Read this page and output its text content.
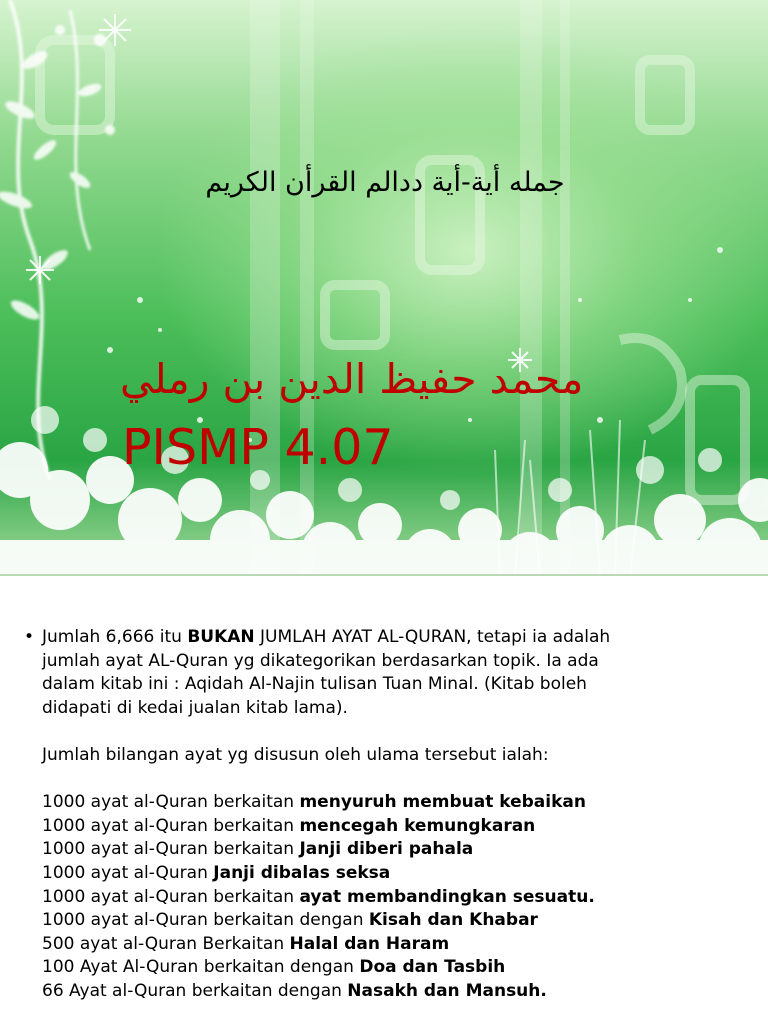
جمله أية-أية ددالم القرأن الكريم
محمد حفيظ الدين بن رملي
PISMP 4.07
• Jumlah 6,666 itu BUKAN JUMLAH AYAT AL-QURAN, tetapi ia adalah

jumlah ayat AL-Quran yg dikategorikan berdasarkan topik. Ia ada

dalam kitab ini : Aqidah Al-Najin tulisan Tuan Minal. (Kitab boleh

didapati di kedai jualan kitab lama).

Jumlah bilangan ayat yg disusun oleh ulama tersebut ialah:

1000 ayat al-Quran berkaitan menyuruh membuat kebaikan

1000 ayat al-Quran berkaitan mencegah kemungkaran

1000 ayat al-Quran berkaitan Janji diberi pahala

1000 ayat al-Quran Janji dibalas seksa

1000 ayat al-Quran berkaitan ayat membandingkan sesuatu.

1000 ayat al-Quran berkaitan dengan Kisah dan Khabar

500 ayat al-Quran Berkaitan Halal dan Haram

100 Ayat Al-Quran berkaitan dengan Doa dan Tasbih

66 Ayat al-Quran berkaitan dengan Nasakh dan Mansuh.
